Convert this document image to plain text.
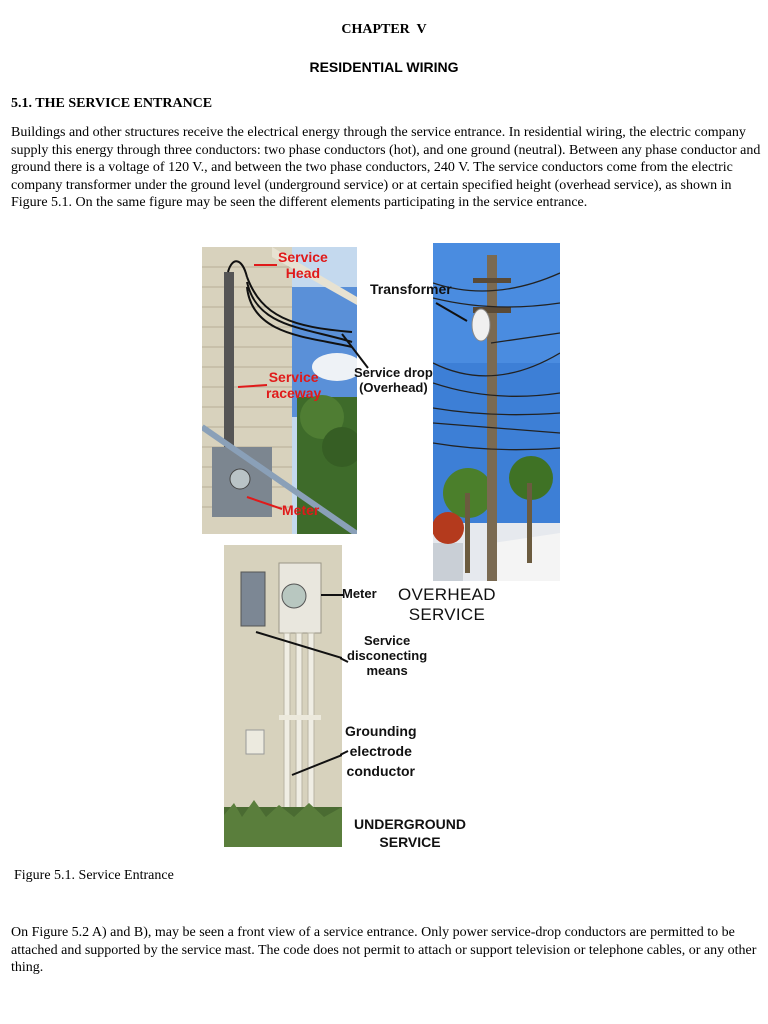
CHAPTER  V
RESIDENTIAL WIRING
5.1. THE SERVICE ENTRANCE
Buildings and other structures receive the electrical energy through the service entrance. In residential wiring, the electric company supply this energy through three conductors: two phase conductors (hot), and one ground (neutral). Between any phase conductor and ground there is a voltage of 120 V., and between the two phase conductors, 240 V. The service conductors come from the electric company transformer under the ground level (underground service) or at certain specified height (overhead service), as shown in Figure 5.1. On the same figure may be seen the different elements participating in the service entrance.
Service
Head
Service
raceway
Meter
Service drop
(Overhead)
Transformer
Meter OVERHEAD
SERVICE
Service
disconecting
means
Grounding
electrode
conductor
UNDERGROUND
SERVICE
Figure 5.1. Service Entrance
On Figure 5.2 A) and B), may be seen a front view of a service entrance. Only power service-drop conductors are permitted to be attached and supported by the service mast. The code does not permit to attach or support television or telephone cables, or any other thing.
